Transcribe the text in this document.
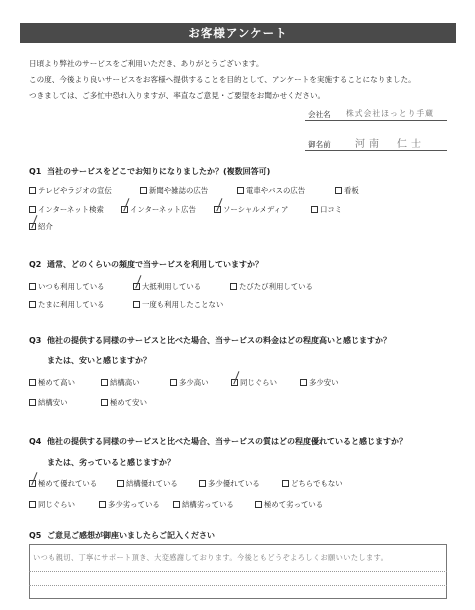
お客様アンケート
日頃より弊社のサービスをご利用いただき、ありがとうございます。
この度、今後より良いサービスをお客様へ提供することを目的として、アンケートを実施することになりました。
つきましては、ご多忙中恐れ入りますが、率直なご意見・ご要望をお聞かせください。
会社名 株式会社ほっとり手蔵
御名前 河南　仁士
Q1 当社のサービスをどこでお知りになりましたか？(複数回答可)
テレビやラジオの宣伝	新聞や雑誌の広告	電車やバスの広告	看板
インターネット検索	インターネット広告	ソーシャルメディア	口コミ
紹介
Q2 通常、どのくらいの頻度で当サービスを利用していますか？
いつも利用している	大抵利用している	たびたび利用している
たまに利用している	一度も利用したことない
Q3 他社の提供する同様のサービスと比べた場合、当サービスの料金はどの程度高いと感じますか？
または、安いと感じますか？
極めて高い	結構高い	多少高い	同じぐらい	多少安い
結構安い	極めて安い
Q4 他社の提供する同様のサービスと比べた場合、当サービスの質はどの程度優れていると感じますか？
または、劣っていると感じますか？
極めて優れている	結構優れている	多少優れている	どちらでもない
同じぐらい	多少劣っている	結構劣っている	極めて劣っている
Q5 ご意見ご感想が御座いましたらご記入ください
いつも親切、丁寧にサポート頂き、大変感謝しております。今後ともどうぞよろしくお願いいたします。
